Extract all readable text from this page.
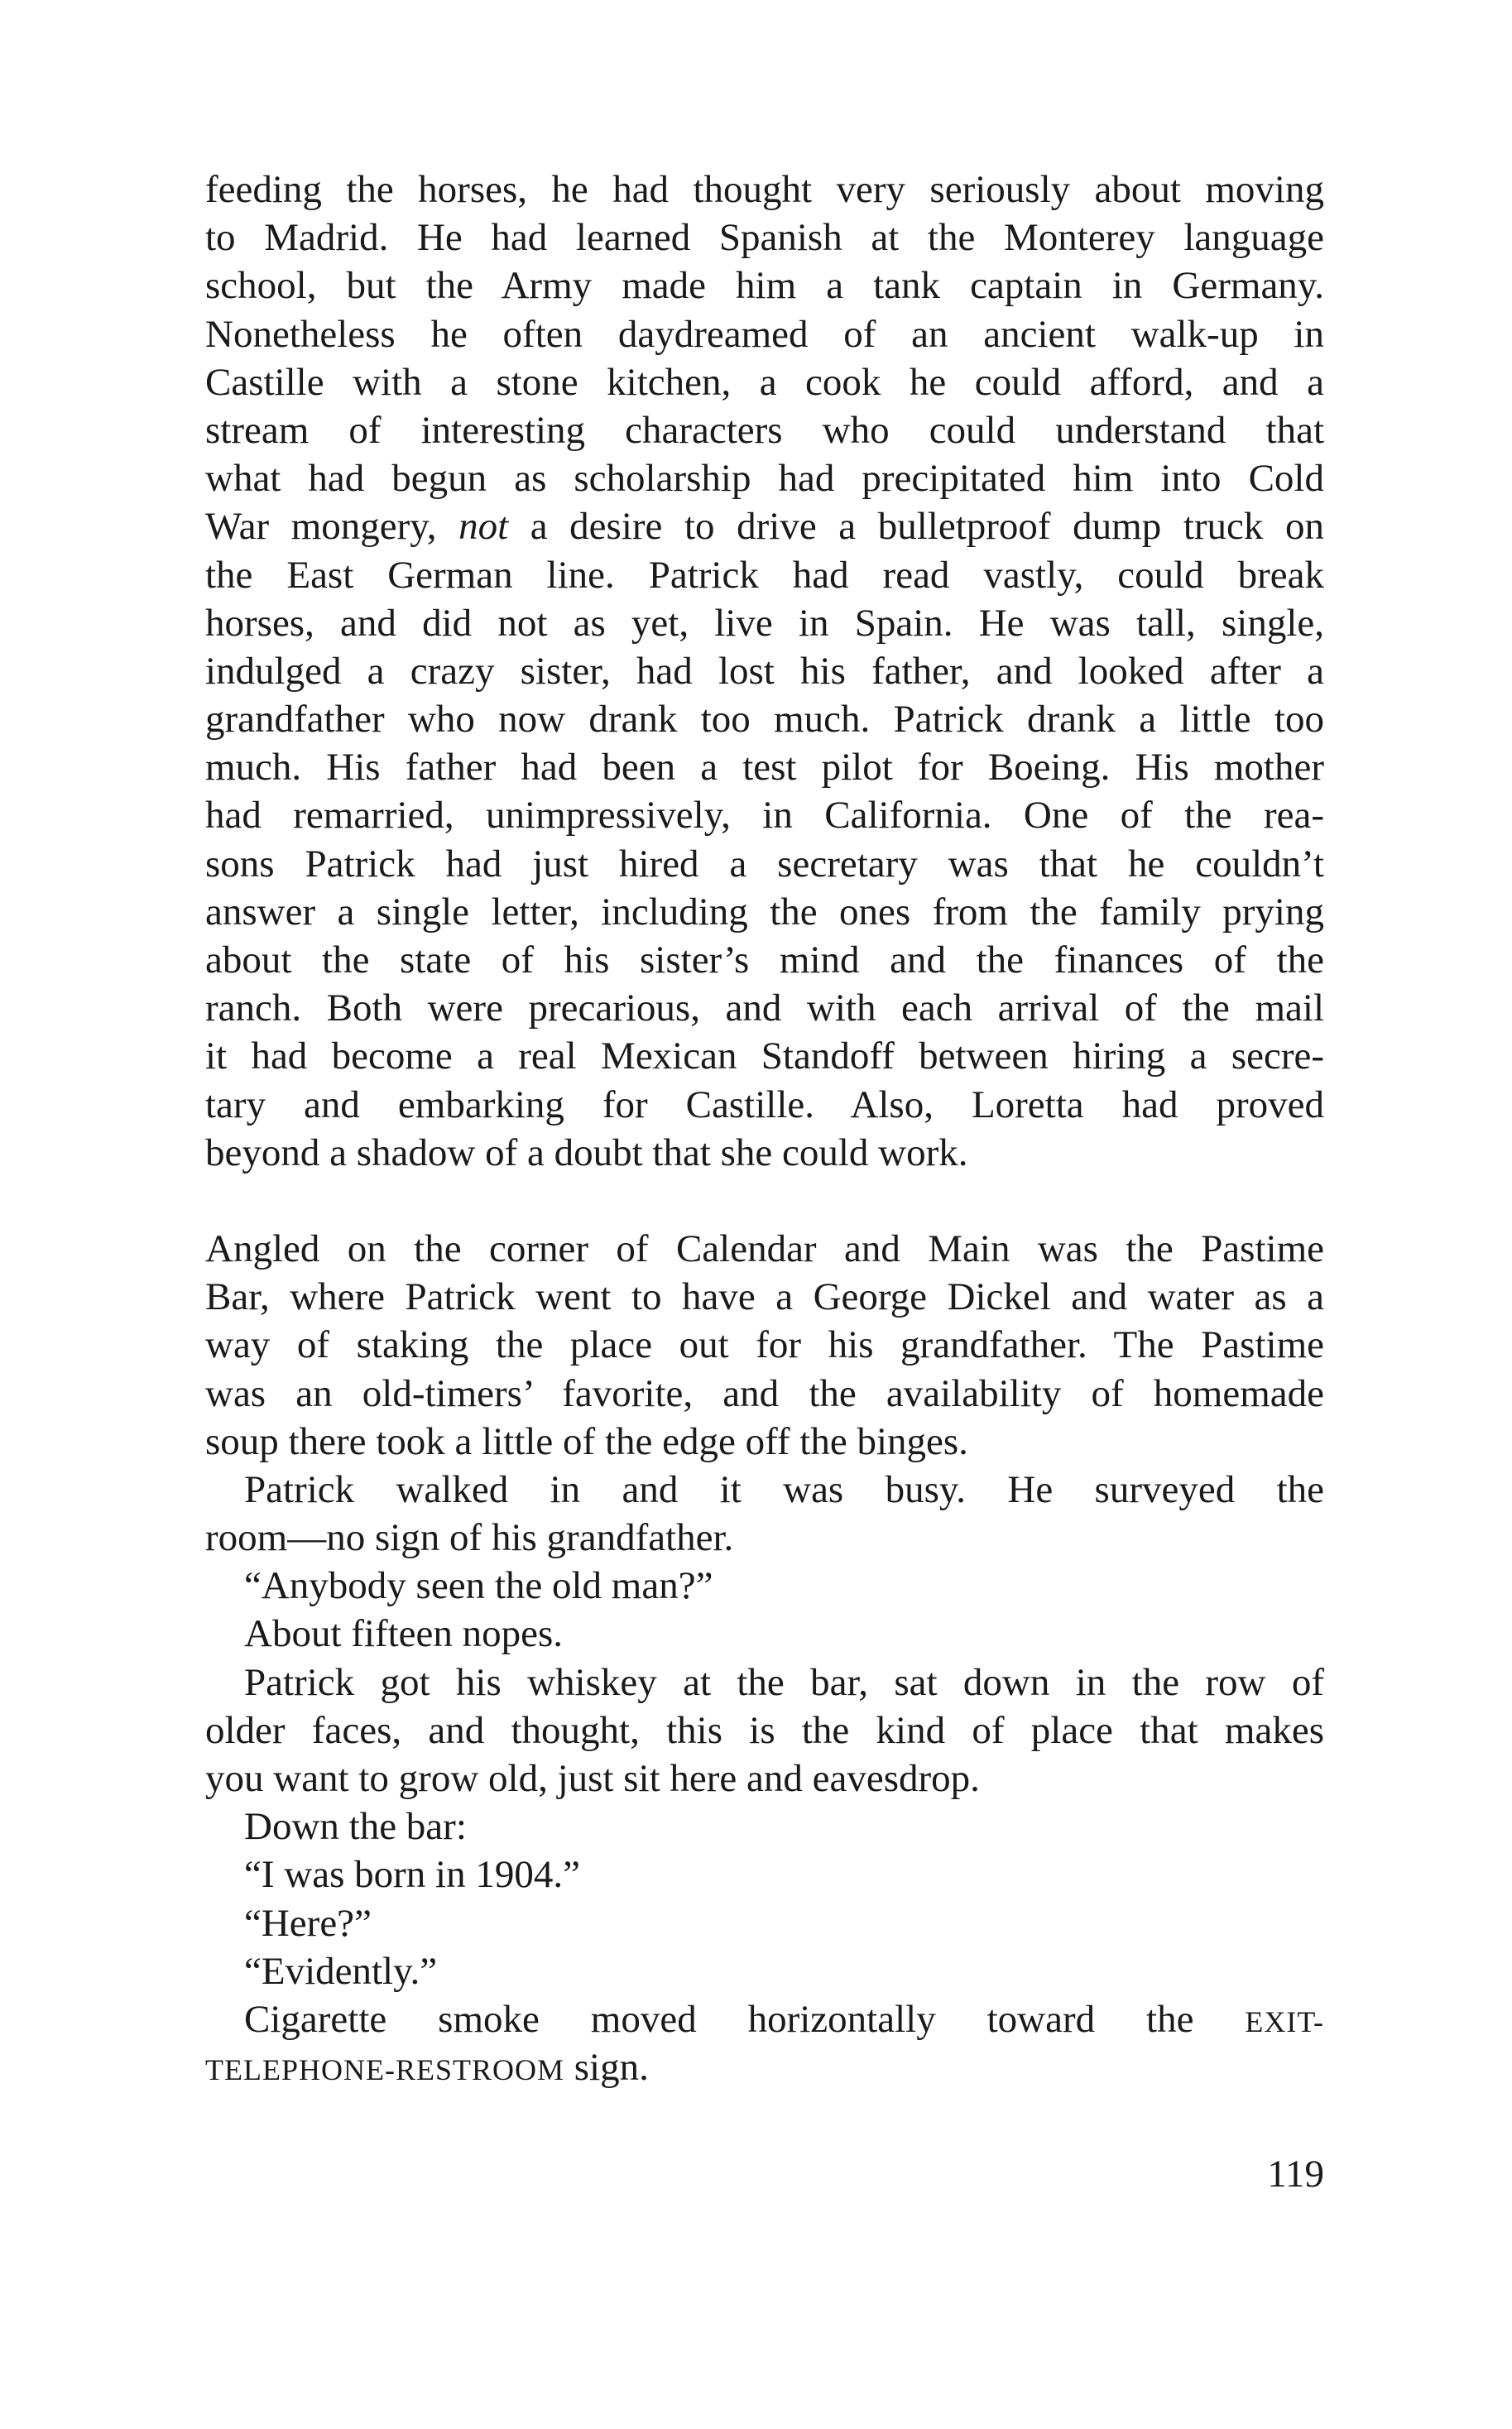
feeding the horses, he had thought very seriously about moving
to Madrid. He had learned Spanish at the Monterey language
school, but the Army made him a tank captain in Germany.
Nonetheless he often daydreamed of an ancient walk-up in
Castille with a stone kitchen, a cook he could afford, and a
stream of interesting characters who could understand that
what had begun as scholarship had precipitated him into Cold
War mongery, not a desire to drive a bulletproof dump truck on
the East German line. Patrick had read vastly, could break
horses, and did not as yet, live in Spain. He was tall, single,
indulged a crazy sister, had lost his father, and looked after a
grandfather who now drank too much. Patrick drank a little too
much. His father had been a test pilot for Boeing. His mother
had remarried, unimpressively, in California. One of the rea-
sons Patrick had just hired a secretary was that he couldn’t
answer a single letter, including the ones from the family prying
about the state of his sister’s mind and the finances of the
ranch. Both were precarious, and with each arrival of the mail
it had become a real Mexican Standoff between hiring a secre-
tary and embarking for Castille. Also, Loretta had proved
beyond a shadow of a doubt that she could work.
Angled on the corner of Calendar and Main was the Pastime
Bar, where Patrick went to have a George Dickel and water as a
way of staking the place out for his grandfather. The Pastime
was an old-timers’ favorite, and the availability of homemade
soup there took a little of the edge off the binges.
Patrick walked in and it was busy. He surveyed the
room—no sign of his grandfather.
“Anybody seen the old man?”
About fifteen nopes.
Patrick got his whiskey at the bar, sat down in the row of
older faces, and thought, this is the kind of place that makes
you want to grow old, just sit here and eavesdrop.
Down the bar:
“I was born in 1904.”
“Here?”
“Evidently.”
Cigarette smoke moved horizontally toward the EXIT-
TELEPHONE-RESTROOM sign.
119
